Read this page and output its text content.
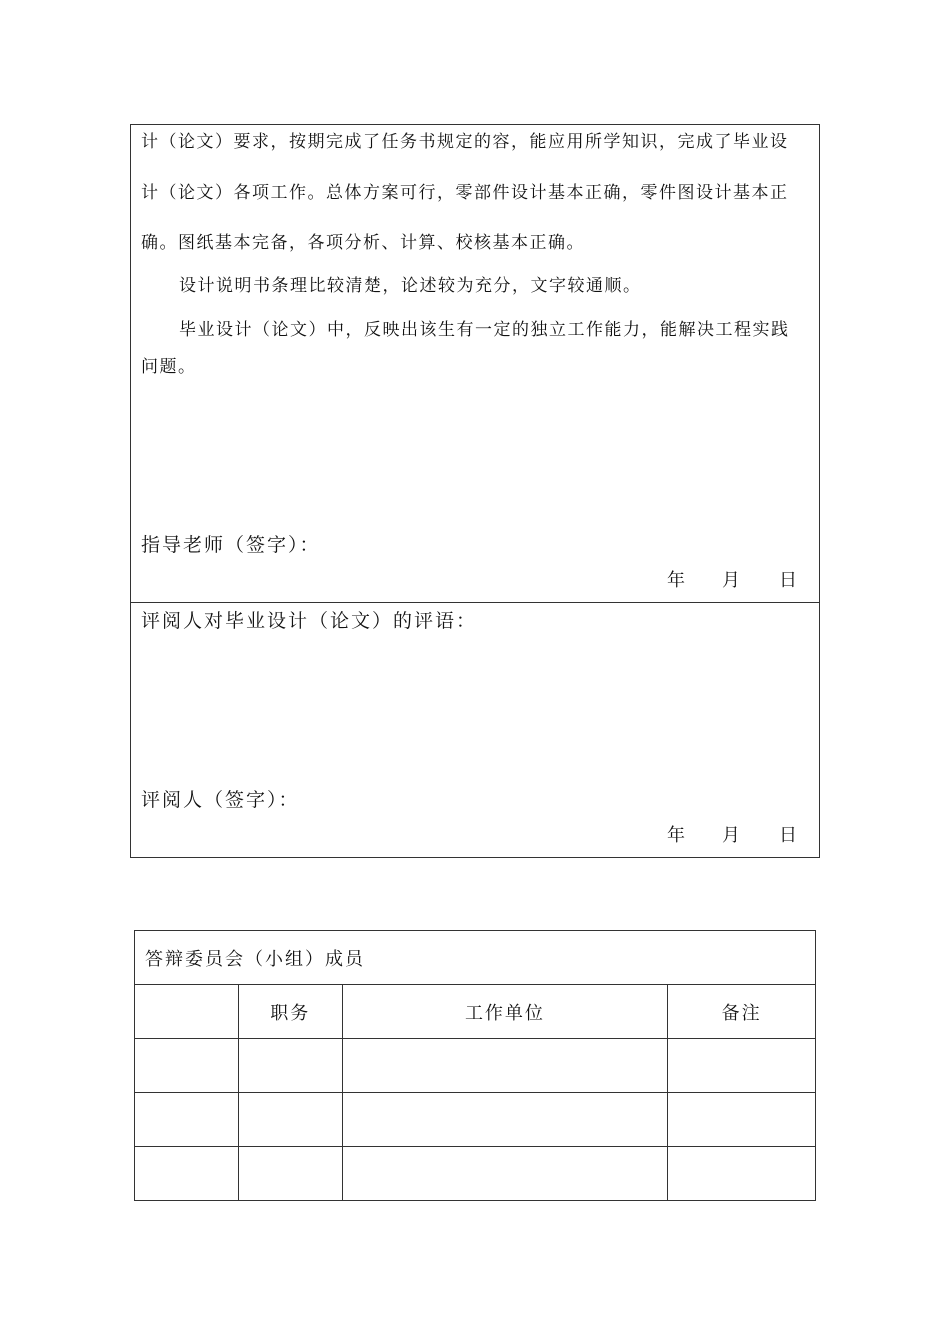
计（论文）要求，按期完成了任务书规定的容，能应用所学知识，完成了毕业设
计（论文）各项工作。总体方案可行，零部件设计基本正确，零件图设计基本正
确。图纸基本完备，各项分析、计算、校核基本正确。
设计说明书条理比较清楚，论述较为充分，文字较通顺。
毕业设计（论文）中，反映出该生有一定的独立工作能力，能解决工程实践
问题。
指导老师（签字）：
年 月 日
评阅人对毕业设计（论文）的评语：
评阅人（签字）：
年 月 日
答辩委员会（小组）成员			
	职务	工作单位	备注
